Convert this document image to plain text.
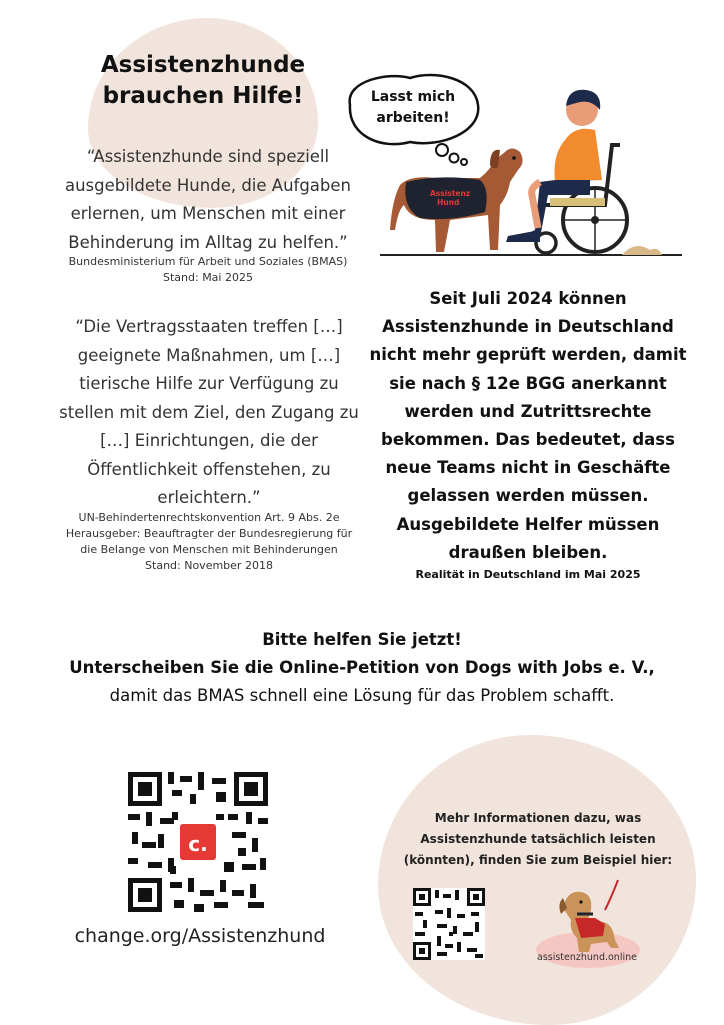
Assistenzhunde
brauchen Hilfe!
Assistenz
Hund
Lasst mich
arbeiten!
“Assistenzhunde sind speziell
ausgebildete Hunde, die Aufgaben
erlernen, um Menschen mit einer
Behinderung im Alltag zu helfen.”
Bundesministerium für Arbeit und Soziales (BMAS)
Stand: Mai 2025
“Die Vertragsstaaten treffen […]
geeignete Maßnahmen, um […]
tierische Hilfe zur Verfügung zu
stellen mit dem Ziel, den Zugang zu
[…] Einrichtungen, die der
Öffentlichkeit offenstehen, zu
erleichtern.”
UN-Behindertenrechtskonvention Art. 9 Abs. 2e
Herausgeber: Beauftragter der Bundesregierung für
die Belange von Menschen mit Behinderungen
Stand: November 2018
Seit Juli 2024 können
Assistenzhunde in Deutschland
nicht mehr geprüft werden, damit
sie nach § 12e BGG anerkannt
werden und Zutrittsrechte
bekommen. Das bedeutet, dass
neue Teams nicht in Geschäfte
gelassen werden müssen.
Ausgebildete Helfer müssen
draußen bleiben.
Realität in Deutschland im Mai 2025
Bitte helfen Sie jetzt!
Unterscheiben Sie die Online-Petition von Dogs with Jobs e. V.,
damit das BMAS schnell eine Lösung für das Problem schafft.
c.
change.org/Assistenzhund
Mehr Informationen dazu, was
Assistenzhunde tatsächlich leisten
(könnten), finden Sie zum Beispiel hier:
assistenzhund.online
